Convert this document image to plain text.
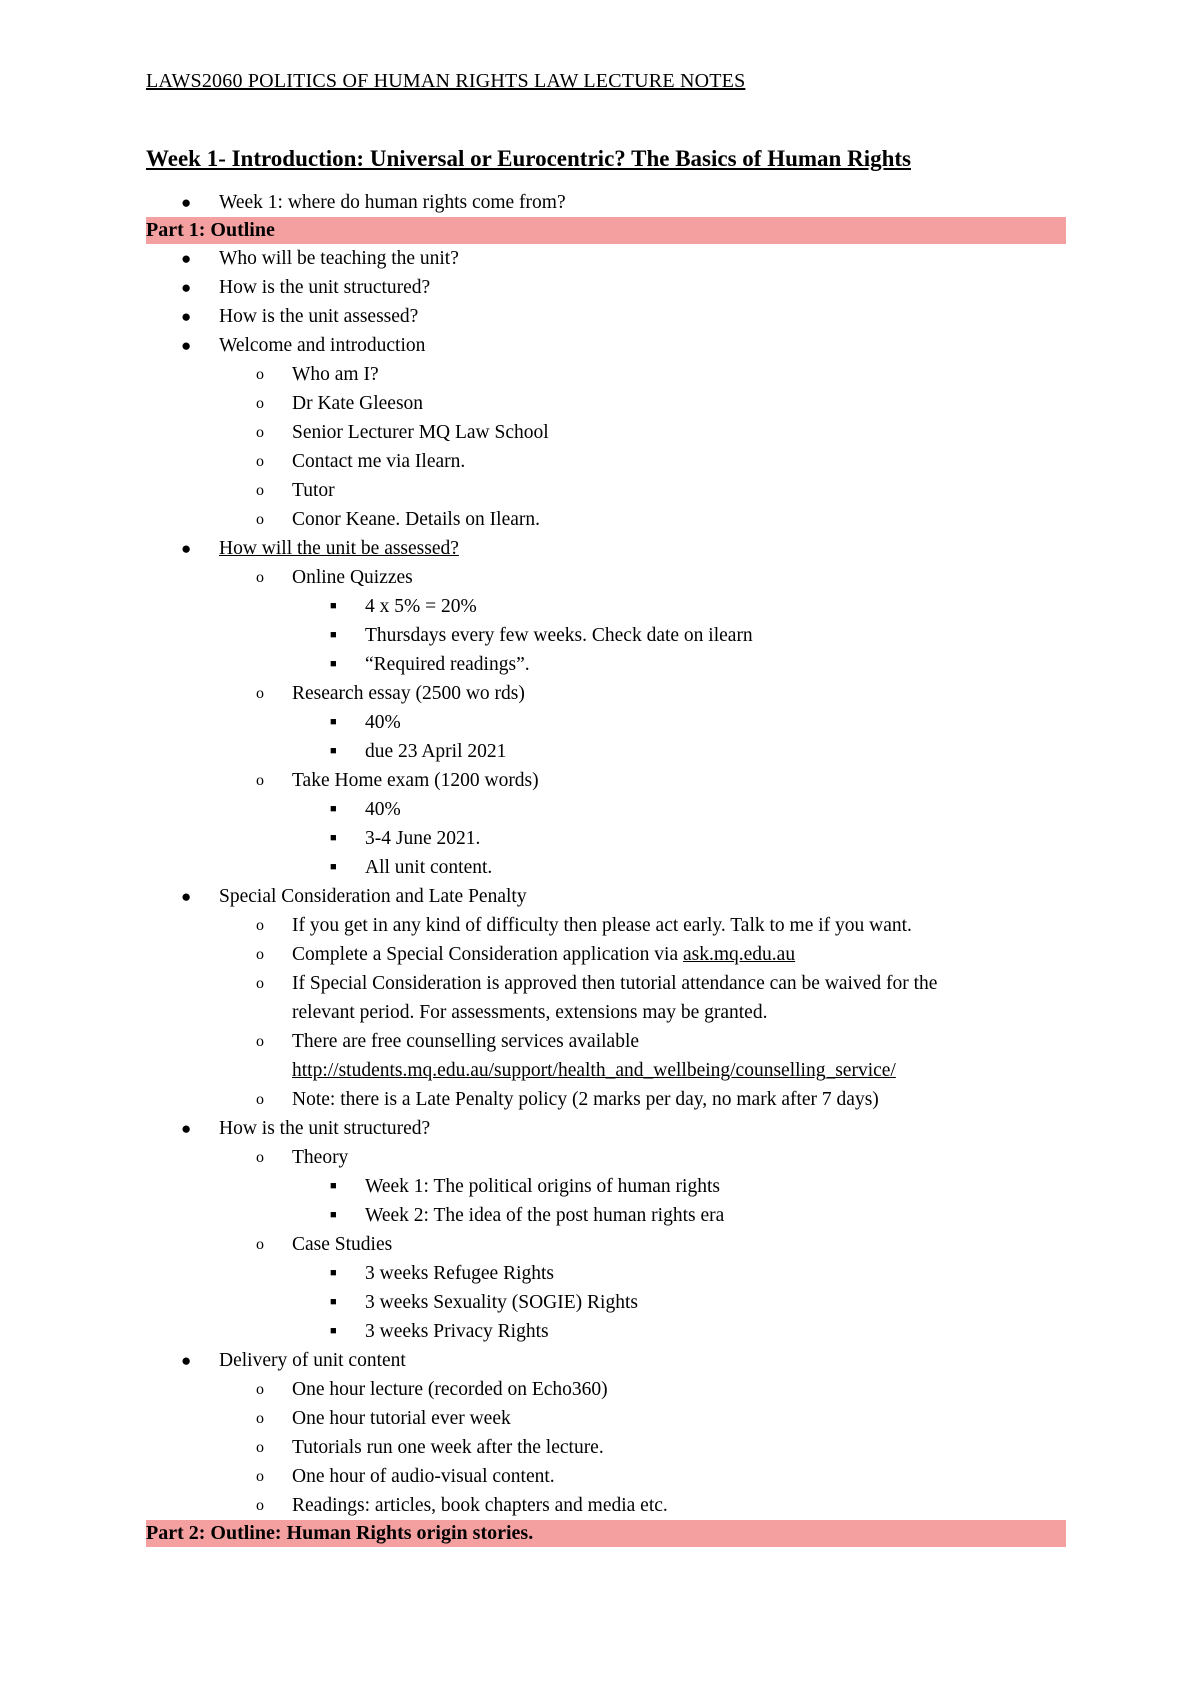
LAWS2060 POLITICS OF HUMAN RIGHTS LAW LECTURE NOTES
Week 1- Introduction: Universal or Eurocentric? The Basics of Human Rights
● Week 1: where do human rights come from?
Part 1: Outline
● Who will be teaching the unit?
● How is the unit structured?
● How is the unit assessed?
● Welcome and introduction
o Who am I?
o Dr Kate Gleeson
o Senior Lecturer MQ Law School
o Contact me via Ilearn.
o Tutor
o Conor Keane. Details on Ilearn.
● How will the unit be assessed?
o Online Quizzes
■ 4 x 5% = 20%
■ Thursdays every few weeks. Check date on ilearn
■ “Required readings”.
o Research essay (2500 wo rds)
■ 40%
■ due 23 April 2021
o Take Home exam (1200 words)
■ 40%
■ 3-4 June 2021.
■ All unit content.
● Special Consideration and Late Penalty
o If you get in any kind of difficulty then please act early. Talk to me if you want.
o Complete a Special Consideration application via ask.mq.edu.au
o If Special Consideration is approved then tutorial attendance can be waived for the
relevant period. For assessments, extensions may be granted.
o There are free counselling services available
http://students.mq.edu.au/support/health_and_wellbeing/counselling_service/
o Note: there is a Late Penalty policy (2 marks per day, no mark after 7 days)
● How is the unit structured?
o Theory
■ Week 1: The political origins of human rights
■ Week 2: The idea of the post human rights era
o Case Studies
■ 3 weeks Refugee Rights
■ 3 weeks Sexuality (SOGIE) Rights
■ 3 weeks Privacy Rights
● Delivery of unit content
o One hour lecture (recorded on Echo360)
o One hour tutorial ever week
o Tutorials run one week after the lecture.
o One hour of audio-visual content.
o Readings: articles, book chapters and media etc.
Part 2: Outline: Human Rights origin stories.
